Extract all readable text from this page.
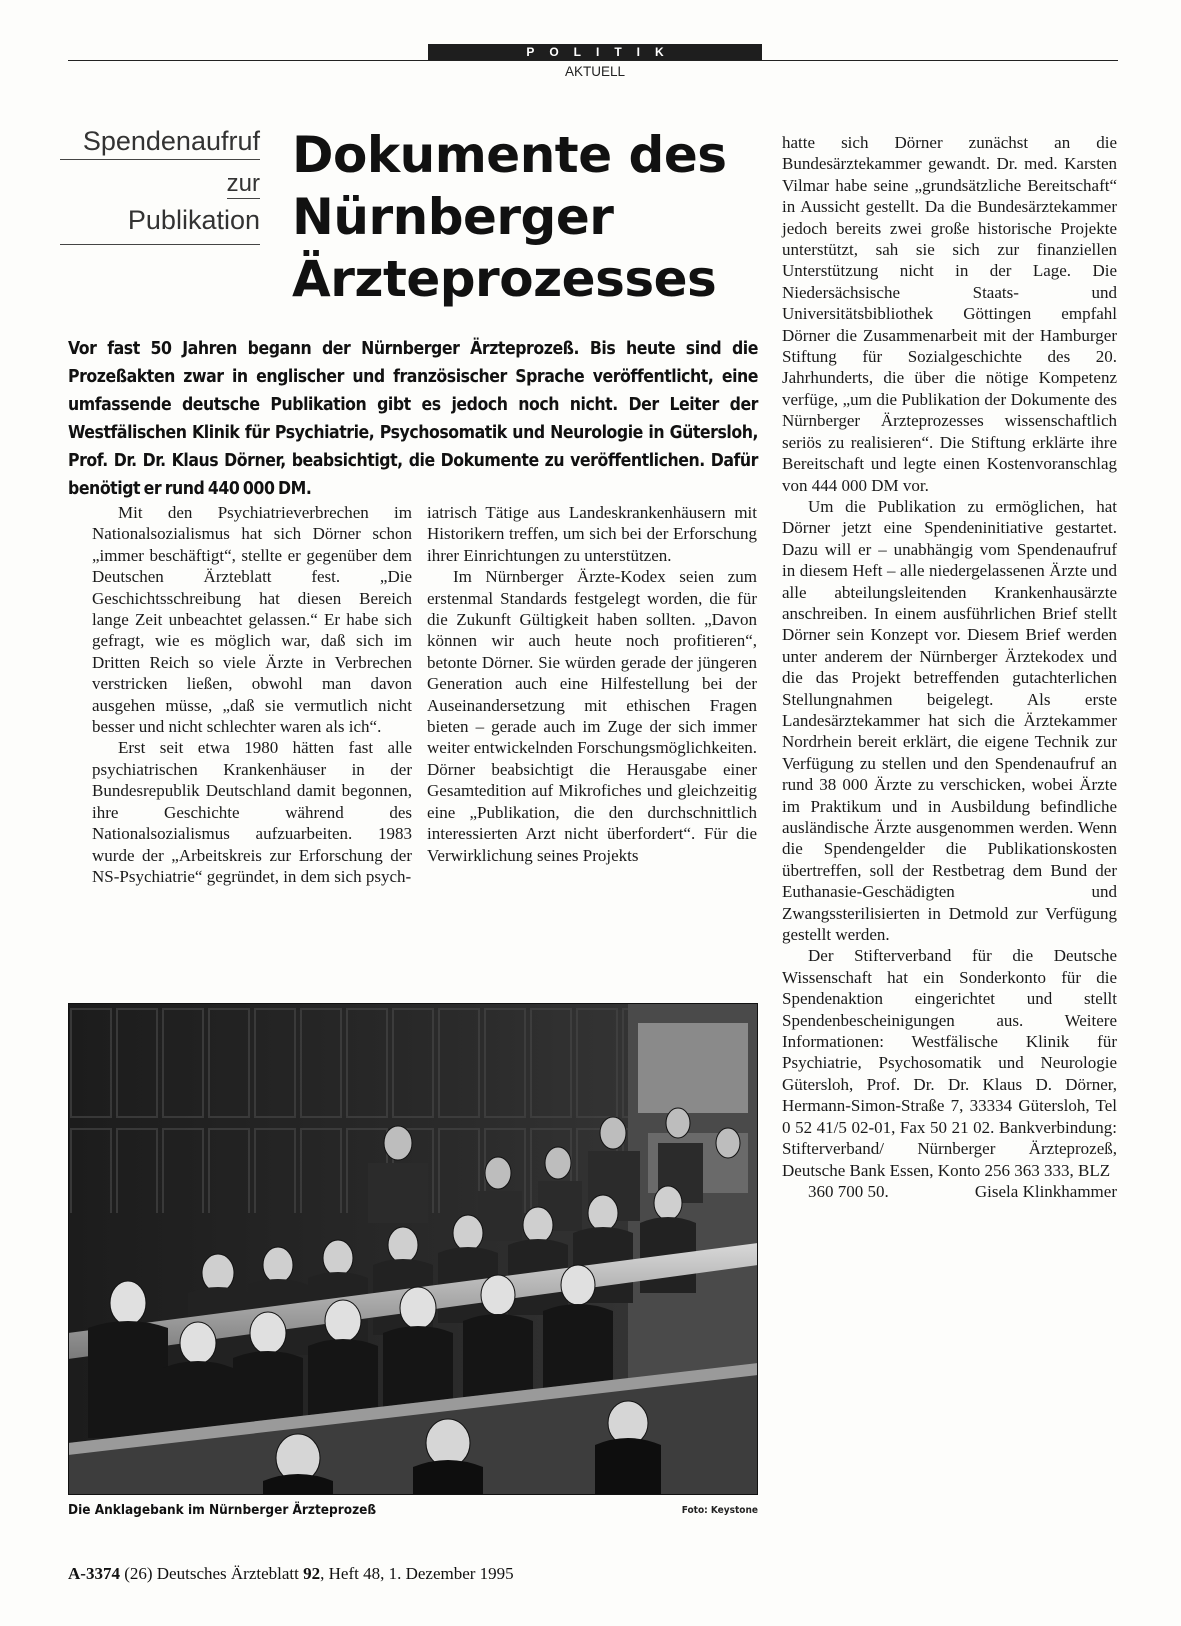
POLITIK
AKTUELL
Spendenaufruf
zur
Publikation
Dokumente des
Nürnberger
Ärzteprozesses

Vor fast 50 Jahren begann der Nürnberger Ärzteprozeß. Bis heute sind die Prozeßakten zwar in englischer und französischer Sprache veröffentlicht, eine umfassende deutsche Publikation gibt es jedoch noch nicht. Der Leiter der Westfälischen Klinik für Psychiatrie, Psychosomatik und Neurologie in Gütersloh, Prof. Dr. Dr. Klaus Dörner, beabsichtigt, die Dokumente zu veröffentlichen. Dafür benötigt er rund 440 000 DM.

Mit den Psychiatrieverbrechen im Nationalsozialismus hat sich Dörner schon „immer beschäftigt“, stellte er gegenüber dem Deutschen Ärzteblatt fest. „Die Geschichtsschreibung hat diesen Bereich lange Zeit unbeachtet gelassen.“ Er habe sich gefragt, wie es möglich war, daß sich im Dritten Reich so viele Ärzte in Verbrechen verstricken ließen, obwohl man davon ausgehen müsse, „daß sie vermutlich nicht besser und nicht schlechter waren als ich“.

Erst seit etwa 1980 hätten fast alle psychiatrischen Krankenhäuser in der Bundesrepublik Deutschland damit begonnen, ihre Geschichte während des Nationalsozialismus aufzuarbeiten. 1983 wurde der „Arbeitskreis zur Erforschung der NS-Psychiatrie“ gegründet, in dem sich psych-

iatrisch Tätige aus Landeskrankenhäusern mit Historikern treffen, um sich bei der Erforschung ihrer Einrichtungen zu unterstützen.

Im Nürnberger Ärzte-Kodex seien zum erstenmal Standards festgelegt worden, die für die Zukunft Gültigkeit haben sollten. „Davon können wir auch heute noch profitieren“, betonte Dörner. Sie würden gerade der jüngeren Generation auch eine Hilfestellung bei der Auseinandersetzung mit ethischen Fragen bieten – gerade auch im Zuge der sich immer weiter entwickelnden Forschungsmöglichkeiten. Dörner beabsichtigt die Herausgabe einer Gesamtedition auf Mikrofiches und gleichzeitig eine „Publikation, die den durchschnittlich interessierten Arzt nicht überfordert“. Für die Verwirklichung seines Projekts

hatte sich Dörner zunächst an die Bundesärztekammer gewandt. Dr. med. Karsten Vilmar habe seine „grundsätzliche Bereitschaft“ in Aussicht gestellt. Da die Bundesärztekammer jedoch bereits zwei große historische Projekte unterstützt, sah sie sich zur finanziellen Unterstützung nicht in der Lage. Die Niedersächsische Staats- und Universitätsbibliothek Göttingen empfahl Dörner die Zusammenarbeit mit der Hamburger Stiftung für Sozialgeschichte des 20. Jahrhunderts, die über die nötige Kompetenz verfüge, „um die Publikation der Dokumente des Nürnberger Ärzteprozesses wissenschaftlich seriös zu realisieren“. Die Stiftung erklärte ihre Bereitschaft und legte einen Kostenvoranschlag von 444 000 DM vor.

Um die Publikation zu ermöglichen, hat Dörner jetzt eine Spendeninitiative gestartet. Dazu will er – unabhängig vom Spendenaufruf in diesem Heft – alle niedergelassenen Ärzte und alle abteilungsleitenden Krankenhausärzte anschreiben. In einem ausführlichen Brief stellt Dörner sein Konzept vor. Diesem Brief werden unter anderem der Nürnberger Ärztekodex und die das Projekt betreffenden gutachterlichen Stellungnahmen beigelegt. Als erste Landesärztekammer hat sich die Ärztekammer Nordrhein bereit erklärt, die eigene Technik zur Verfügung zu stellen und den Spendenaufruf an rund 38 000 Ärzte zu verschicken, wobei Ärzte im Praktikum und in Ausbildung befindliche ausländische Ärzte ausgenommen werden. Wenn die Spendengelder die Publikationskosten übertreffen, soll der Restbetrag dem Bund der Euthanasie-Geschädigten und Zwangssterilisierten in Detmold zur Verfügung gestellt werden.

Der Stifterverband für die Deutsche Wissenschaft hat ein Sonderkonto für die Spendenaktion eingerichtet und stellt Spendenbescheinigungen aus. Weitere Informationen: Westfälische Klinik für Psychiatrie, Psychosomatik und Neurologie Gütersloh, Prof. Dr. Dr. Klaus D. Dörner, Hermann-Simon-Straße 7, 33334 Gütersloh, Tel 0 52 41/5 02-01, Fax 50 21 02. Bankverbindung: Stifterverband/ Nürnberger Ärzteprozeß, Deutsche Bank Essen, Konto 256 363 333, BLZ

360 700 50.	Gisela Klinkhammer

Die Anklagebank im Nürnberger Ärzteprozeß	Foto: Keystone
A-3374 (26) Deutsches Ärzteblatt 92, Heft 48, 1. Dezember 1995
